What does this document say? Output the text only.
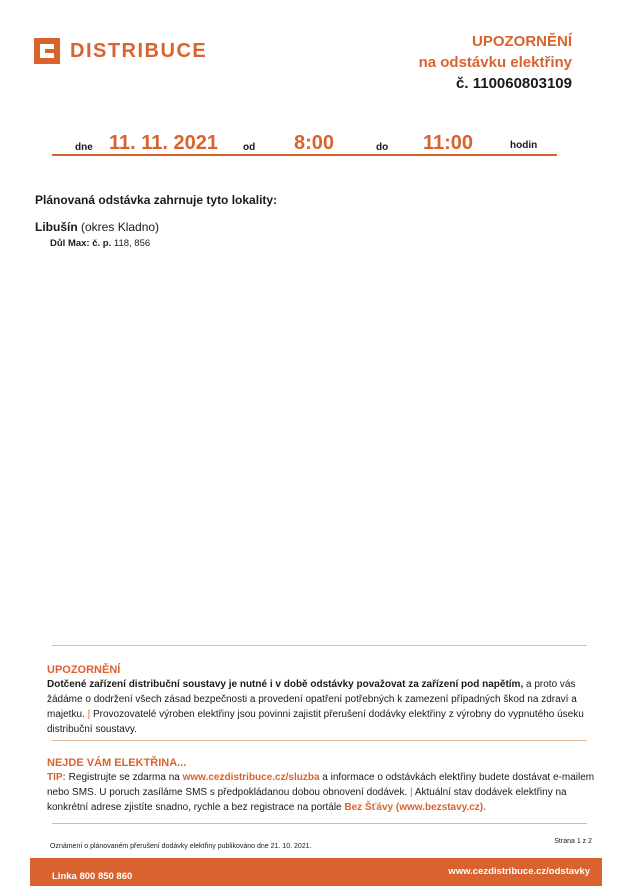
DISTRIBUCE	UPOZORNĚNÍ
na odstávku elektřiny
č. 110060803109
dne 11. 11. 2021 od 8:00	do 11:00	hodin
Plánovaná odstávka zahrnuje tyto lokality:
Libušín (okres Kladno)
Důl Max: č. p. 118, 856
UPOZORNĚNÍ
Dotčené zařízení distribuční soustavy je nutné i v době odstávky považovat za zařízení pod napětím, a proto vás žádáme o dodržení všech zásad bezpečnosti a provedení opatření potřebných k zamezení případných škod na zdraví a majetku. | Provozovatelé výroben elektřiny jsou povinni zajistit přerušení dodávky elektřiny z výrobny do vypnutého úseku distribuční soustavy.
NEJDE VÁM ELEKTŘINA...
TIP: Registrujte se zdarma na www.cezdistribuce.cz/sluzba a informace o odstávkách elektřiny budete dostávat e-mailem nebo SMS. U poruch zasíláme SMS s předpokládanou dobou obnovení dodávek. | Aktuální stav dodávek elektřiny na konkrétní adrese zjistíte snadno, rychle a bez registrace na portále Bez Šťávy (www.bezstavy.cz).
Oznámení o plánovaném přerušení dodávky elektřiny publikováno dne 21. 10. 2021.
Strana 1 z 2
Linka 800 850 860	www.cezdistribuce.cz/odstavky
